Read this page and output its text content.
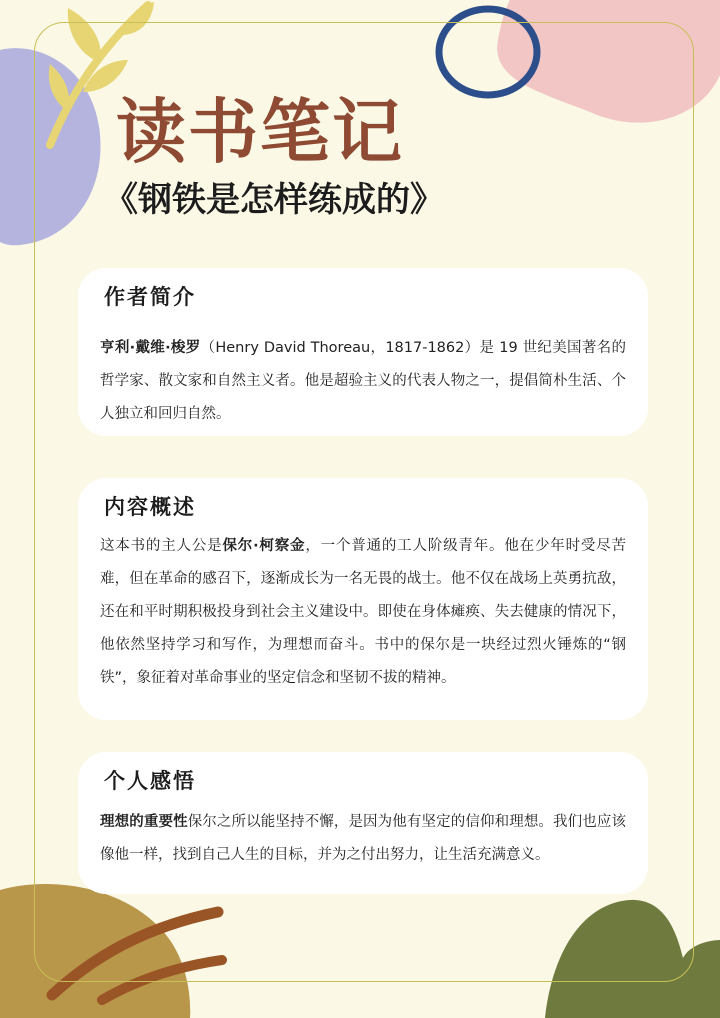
读书笔记
《钢铁是怎样练成的》
作者简介

亨利·戴维·梭罗（Henry David Thoreau，1817-1862）是 19 世纪美国著名的哲学家、散文家和自然主义者。他是超验主义的代表人物之一，提倡简朴生活、个人独立和回归自然。

内容概述

这本书的主人公是保尔·柯察金，一个普通的工人阶级青年。他在少年时受尽苦难，但在革命的感召下，逐渐成长为一名无畏的战士。他不仅在战场上英勇抗敌，还在和平时期积极投身到社会主义建设中。即使在身体瘫痪、失去健康的情况下，他依然坚持学习和写作，为理想而奋斗。书中的保尔是一块经过烈火锤炼的“钢铁”，象征着对革命事业的坚定信念和坚韧不拔的精神。

个人感悟

理想的重要性保尔之所以能坚持不懈，是因为他有坚定的信仰和理想。我们也应该像他一样，找到自己人生的目标，并为之付出努力，让生活充满意义。
